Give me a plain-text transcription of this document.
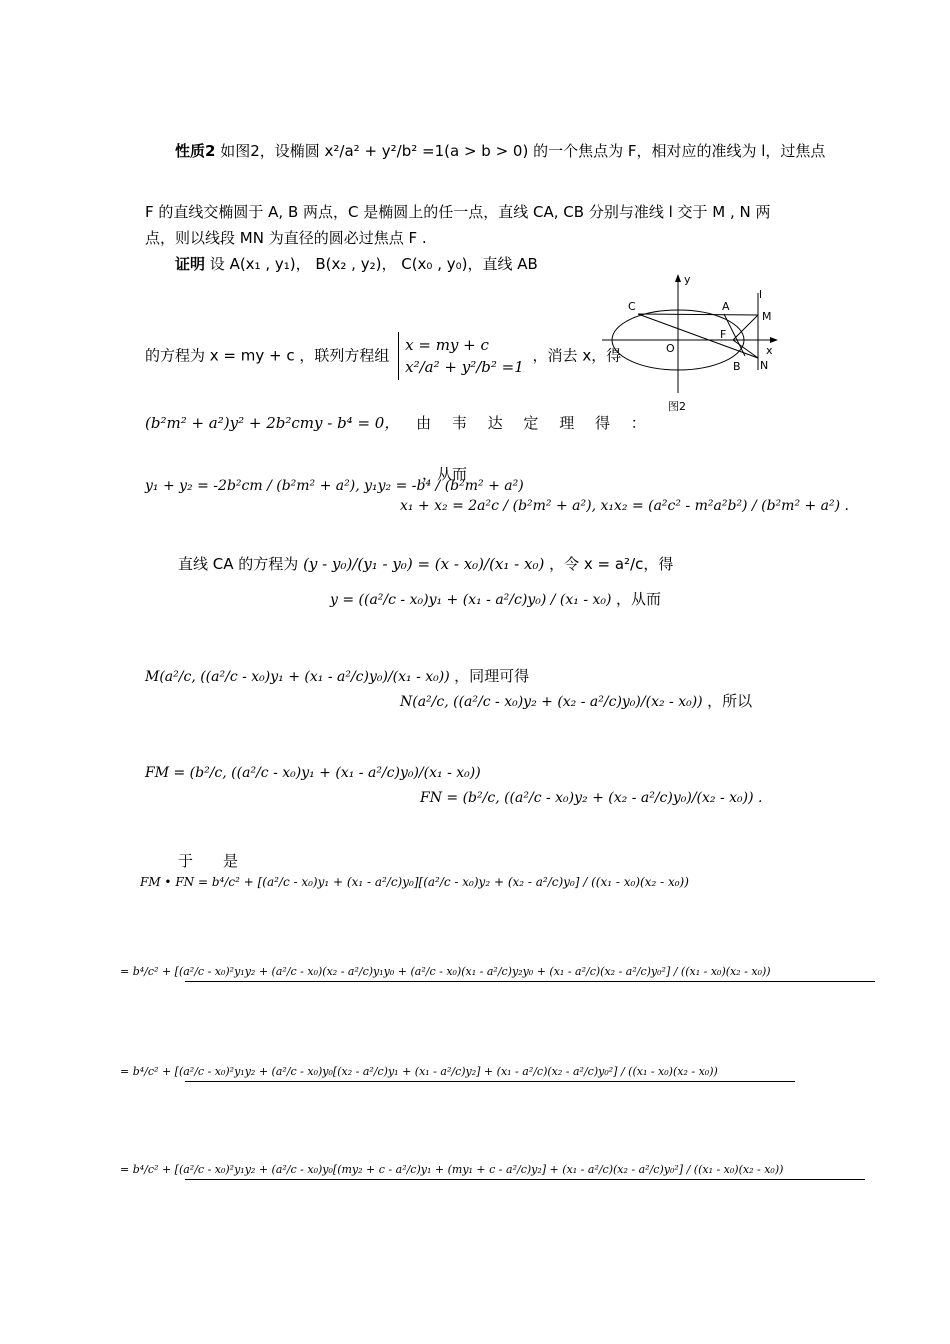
性质2 如图2，设椭圆 x²/a² + y²/b² =1(a > b > 0) 的一个焦点为 F，相对应的准线为 l，过焦点
F 的直线交椭圆于 A, B 两点，C 是椭圆上的任一点，直线 CA, CB 分别与准线 l 交于 M , N 两
点，则以线段 MN 为直径的圆必过焦点 F .
证明 设 A(x₁ , y₁)， B(x₂ , y₂)， C(x₀ , y₀)，直线 AB
的方程为 x = my + c ，联列方程组
x = my + c
x²/a² + y²/b² =1
，消去 x，得
(b²m² + a²)y² + 2b²cmy - b⁴ = 0， 由 韦 达 定 理 得 ：
y₁ + y₂ = -2b²cm / (b²m² + a²), y₁y₂ = -b⁴ / (b²m² + a²)
，从而
x₁ + x₂ = 2a²c / (b²m² + a²), x₁x₂ = (a²c² - m²a²b²) / (b²m² + a²) .
直线 CA 的方程为 (y - y₀)/(y₁ - y₀) = (x - x₀)/(x₁ - x₀) ，令 x = a²/c，得
y = ((a²/c - x₀)y₁ + (x₁ - a²/c)y₀) / (x₁ - x₀) ，从而
M(a²/c, ((a²/c - x₀)y₁ + (x₁ - a²/c)y₀)/(x₁ - x₀)) ，同理可得
N(a²/c, ((a²/c - x₀)y₂ + (x₂ - a²/c)y₀)/(x₂ - x₀)) ，所以
FM = (b²/c, ((a²/c - x₀)y₁ + (x₁ - a²/c)y₀)/(x₁ - x₀))
FN = (b²/c, ((a²/c - x₀)y₂ + (x₂ - a²/c)y₀)/(x₂ - x₀)) .
于　　是
FM • FN = b⁴/c² + [(a²/c - x₀)y₁ + (x₁ - a²/c)y₀][(a²/c - x₀)y₂ + (x₂ - a²/c)y₀] / ((x₁ - x₀)(x₂ - x₀))
= b⁴/c² + [(a²/c - x₀)²y₁y₂ + (a²/c - x₀)(x₂ - a²/c)y₁y₀ + (a²/c - x₀)(x₁ - a²/c)y₂y₀ + (x₁ - a²/c)(x₂ - a²/c)y₀²] / ((x₁ - x₀)(x₂ - x₀))
= b⁴/c² + [(a²/c - x₀)²y₁y₂ + (a²/c - x₀)y₀[(x₂ - a²/c)y₁ + (x₁ - a²/c)y₂] + (x₁ - a²/c)(x₂ - a²/c)y₀²] / ((x₁ - x₀)(x₂ - x₀))
= b⁴/c² + [(a²/c - x₀)²y₁y₂ + (a²/c - x₀)y₀[(my₂ + c - a²/c)y₁ + (my₁ + c - a²/c)y₂] + (x₁ - a²/c)(x₂ - a²/c)y₀²] / ((x₁ - x₀)(x₂ - x₀))
y
x
C	A
l
M
F
O
B N
图2
